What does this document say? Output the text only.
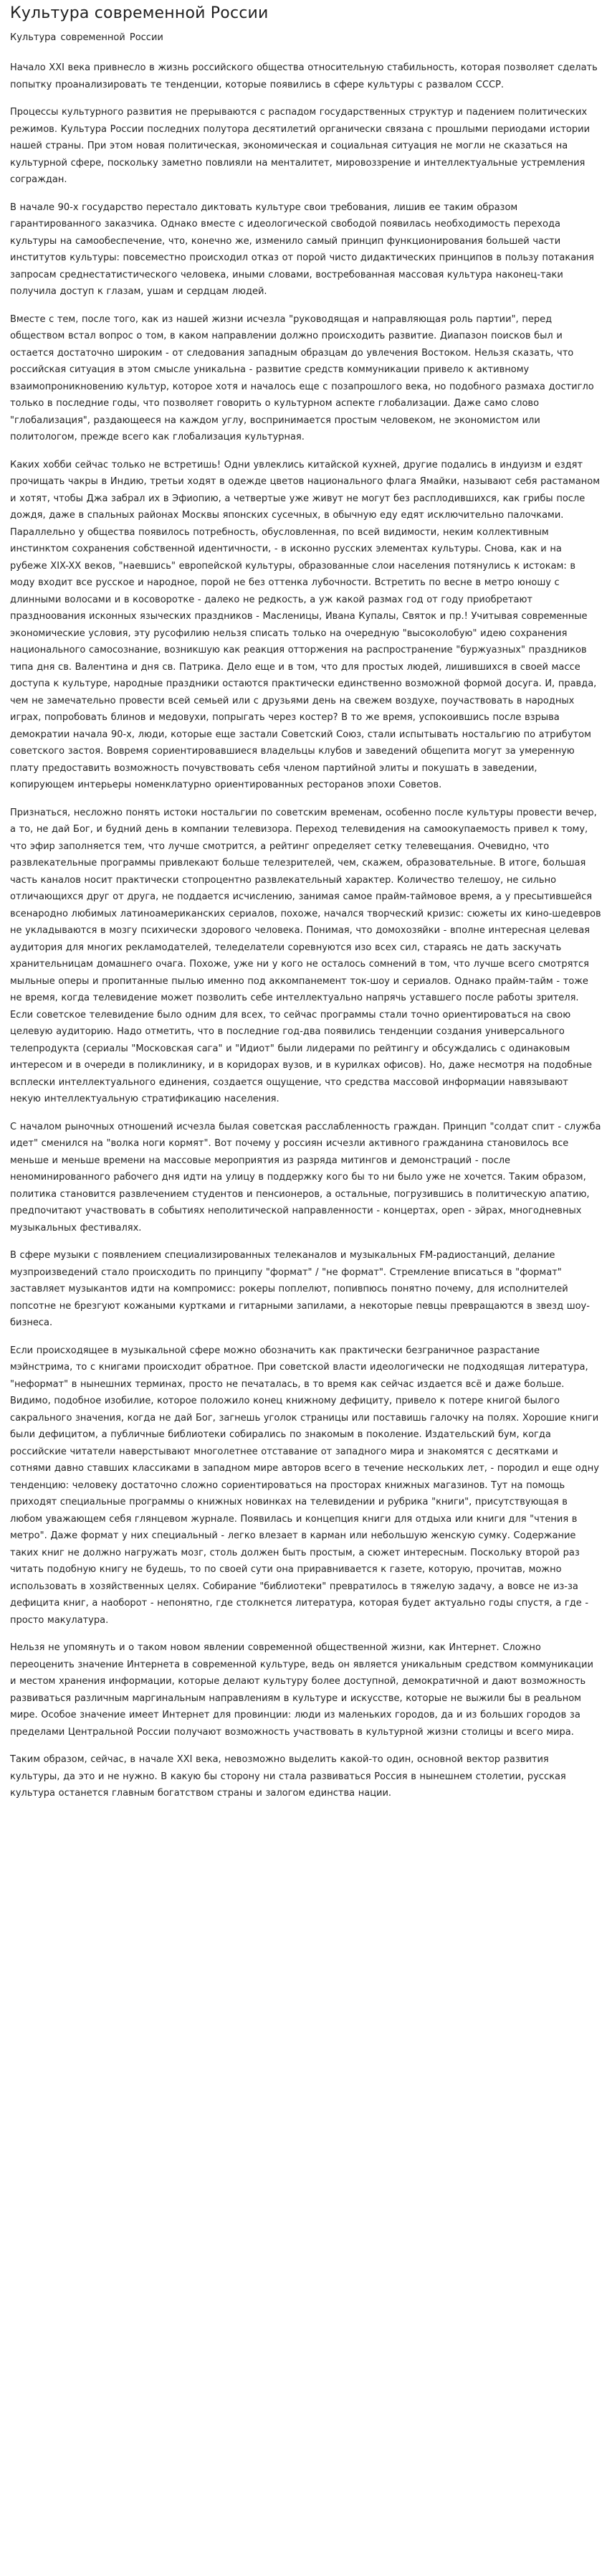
Культура современной России
Культура современной России

Начало XXI века привнесло в жизнь российского общества относительную стабильность, которая позволяет сделать попытку проанализировать те тенденции, которые появились в сфере культуры с развалом СССР.

Процессы культурного развития не прерываются с распадом государственных структур и падением политических режимов. Культура России последних полутора десятилетий органически связана с прошлыми периодами истории нашей страны. При этом новая политическая, экономическая и социальная ситуация не могли не сказаться на культурной сфере, поскольку заметно повлияли на менталитет, мировоззрение и интеллектуальные устремления сограждан.

В начале 90-х государство перестало диктовать культуре свои требования, лишив ее таким образом гарантированного заказчика. Однако вместе с идеологической свободой появилась необходимость перехода культуры на самообеспечение, что, конечно же, изменило самый принцип функционирования большей части институтов культуры: повсеместно происходил отказ от порой чисто дидактических принципов в пользу потакания запросам среднестатистического человека, иными словами, востребованная массовая культура наконец-таки получила доступ к глазам, ушам и сердцам людей.

Вместе с тем, после того, как из нашей жизни исчезла "руководящая и направляющая роль партии", перед обществом встал вопрос о том, в каком направлении должно происходить развитие. Диапазон поисков был и остается достаточно широким - от следования западным образцам до увлечения Востоком. Нельзя сказать, что российская ситуация в этом смысле уникальна - развитие средств коммуникации привело к активному взаимопроникновению культур, которое хотя и началось еще с позапрошлого века, но подобного размаха достигло только в последние годы, что позволяет говорить о культурном аспекте глобализации. Даже само слово "глобализация", раздающееся на каждом углу, воспринимается простым человеком, не экономистом или политологом, прежде всего как глобализация культурная.

Каких хобби сейчас только не встретишь! Одни увлеклись китайской кухней, другие подались в индуизм и ездят прочищать чакры в Индию, третьи ходят в одежде цветов национального флага Ямайки, называют себя растаманом и хотят, чтобы Джа забрал их в Эфиопию, а четвертые уже живут не могут без расплодившихся, как грибы после дождя, даже в спальных районах Москвы японских сусечных, в обычную еду едят исключительно палочками. Параллельно у общества появилось потребность, обусловленная, по всей видимости, неким коллективным инстинктом сохранения собственной идентичности, - в исконно русских элементах культуры. Снова, как и на рубеже XIX-XX веков, "наевшись" европейской культуры, образованные слои населения потянулись к истокам: в моду входит все русское и народное, порой не без оттенка лубочности. Встретить по весне в метро юношу с длинными волосами и в косоворотке - далеко не редкость, а уж какой размах год от году приобретают праздноования исконных языческих праздников - Масленицы, Ивана Купалы, Святок и пр.! Учитывая современные экономические условия, эту русофилию нельзя списать только на очередную "высоколобую" идею сохранения национального самосознание, возникшую как реакция отторжения на распространение "буржуазных" праздников типа дня св. Валентина и дня св. Патрика. Дело еще и в том, что для простых людей, лишившихся в своей массе доступа к культуре, народные праздники остаются практически единственно возможной формой досуга. И, правда, чем не замечательно провести всей семьей или с друзьями день на свежем воздухе, поучаствовать в народных играх, попробовать блинов и медовухи, попрыгать через костер? В то же время, успокоившись после взрыва демократии начала 90-х, люди, которые еще застали Советский Союз, стали испытывать ностальгию по атрибутом советского застоя. Вовремя сориентировавшиеся владельцы клубов и заведений общепита могут за умеренную плату предоставить возможность почувствовать себя членом партийной элиты и покушать в заведении, копирующем интерьеры номенклатурно ориентированных ресторанов эпохи Советов.

Признаться, несложно понять истоки ностальгии по советским временам, особенно после культуры провести вечер, а то, не дай Бог, и будний день в компании телевизора. Переход телевидения на самоокупаемость привел к тому, что эфир заполняется тем, что лучше смотрится, а рейтинг определяет сетку телевещания. Очевидно, что развлекательные программы привлекают больше телезрителей, чем, скажем, образовательные. В итоге, большая часть каналов носит практически стопроцентно развлекательный характер. Количество телешоу, не сильно отличающихся друг от друга, не поддается исчислению, занимая самое прайм-таймовое время, а у пресытившейся всенародно любимых латиноамериканских сериалов, похоже, начался творческий кризис: сюжеты их кино-шедевров не укладываются в мозгу психически здорового человека. Понимая, что домохозяйки - вполне интересная целевая аудитория для многих рекламодателей, теледелатели соревнуются изо всех сил, стараясь не дать заскучать хранительницам домашнего очага. Похоже, уже ни у кого не осталось сомнений в том, что лучше всего смотрятся мыльные оперы и пропитанные пылью именно под аккомпанемент ток-шоу и сериалов. Однако прайм-тайм - тоже не время, когда телевидение может позволить себе интеллектуально напрячь уставшего после работы зрителя. Если советское телевидение было одним для всех, то сейчас программы стали точно ориентироваться на свою целевую аудиторию. Надо отметить, что в последние год-два появились тенденции создания универсального телепродукта (сериалы "Московская сага" и "Идиот" были лидерами по рейтингу и обсуждались с одинаковым интересом и в очереди в поликлинику, и в коридорах вузов, и в курилках офисов). Но, даже несмотря на подобные всплески интеллектуального единения, создается ощущение, что средства массовой информации навязывают некую интеллектуальную стратификацию населения.

С началом рыночных отношений исчезла былая советская расслабленность граждан. Принцип "солдат спит - служба идет" сменился на "волка ноги кормят". Вот почему у россиян исчезли активного гражданина становилось все меньше и меньше времени на массовые мероприятия из разряда митингов и демонстраций - после неноминированного рабочего дня идти на улицу в поддержку кого бы то ни было уже не хочется. Таким образом, политика становится развлечением студентов и пенсионеров, а остальные, погрузившись в политическую апатию, предпочитают участвовать в событиях неполитической направленности - концертах, open - эйрах, многодневных музыкальных фестивалях.

В сфере музыки с появлением специализированных телеканалов и музыкальных FM-радиостанций, делание музпроизведений стало происходить по принципу "формат" / "не формат". Стремление вписаться в "формат" заставляет музыкантов идти на компромисс: рокеры поплелют, попивпюсь понятно почему, для исполнителей попсотне не брезгуют кожаными куртками и гитарными запилами, а некоторые певцы превращаются в звезд шоу-бизнеса.

Если происходящее в музыкальной сфере можно обозначить как практически безграничное разрастание мэйнстрима, то с книгами происходит обратное. При советской власти идеологически не подходящая литература, "неформат" в нынешних терминах, просто не печаталась, в то время как сейчас издается всё и даже больше. Видимо, подобное изобилие, которое положило конец книжному дефициту, привело к потере книгой былого сакрального значения, когда не дай Бог, загнешь уголок страницы или поставишь галочку на полях. Хорошие книги были дефицитом, а публичные библиотеки собирались по знакомым в поколение. Издательский бум, когда российские читатели наверстывают многолетнее отставание от западного мира и знакомятся с десятками и сотнями давно ставших классиками в западном мире авторов всего в течение нескольких лет, - породил и еще одну тенденцию: человеку достаточно сложно сориентироваться на просторах книжных магазинов. Тут на помощь приходят специальные программы о книжных новинках на телевидении и рубрика "книги", присутствующая в любом уважающем себя глянцевом журнале. Появилась и концепция книги для отдыха или книги для "чтения в метро". Даже формат у них специальный - легко влезает в карман или небольшую женскую сумку. Содержание таких книг не должно нагружать мозг, столь должен быть простым, а сюжет интересным. Поскольку второй раз читать подобную книгу не будешь, то по своей сути она приравнивается к газете, которую, прочитав, можно использовать в хозяйственных целях. Собирание "библиотеки" превратилось в тяжелую задачу, а вовсе не из-за дефицита книг, а наоборот - непонятно, где столкнется литература, которая будет актуально годы спустя, а где - просто макулатура.

Нельзя не упомянуть и о таком новом явлении современной общественной жизни, как Интернет. Сложно переоценить значение Интернета в современной культуре, ведь он является уникальным средством коммуникации и местом хранения информации, которые делают культуру более доступной, демократичной и дают возможность развиваться различным маргинальным направлениям в культуре и искусстве, которые не выжили бы в реальном мире. Особое значение имеет Интернет для провинции: люди из маленьких городов, да и из больших городов за пределами Центральной России получают возможность участвовать в культурной жизни столицы и всего мира.

Таким образом, сейчас, в начале XXI века, невозможно выделить какой-то один, основной вектор развития культуры, да это и не нужно. В какую бы сторону ни стала развиваться Россия в нынешнем столетии, русская культура останется главным богатством страны и залогом единства нации.
